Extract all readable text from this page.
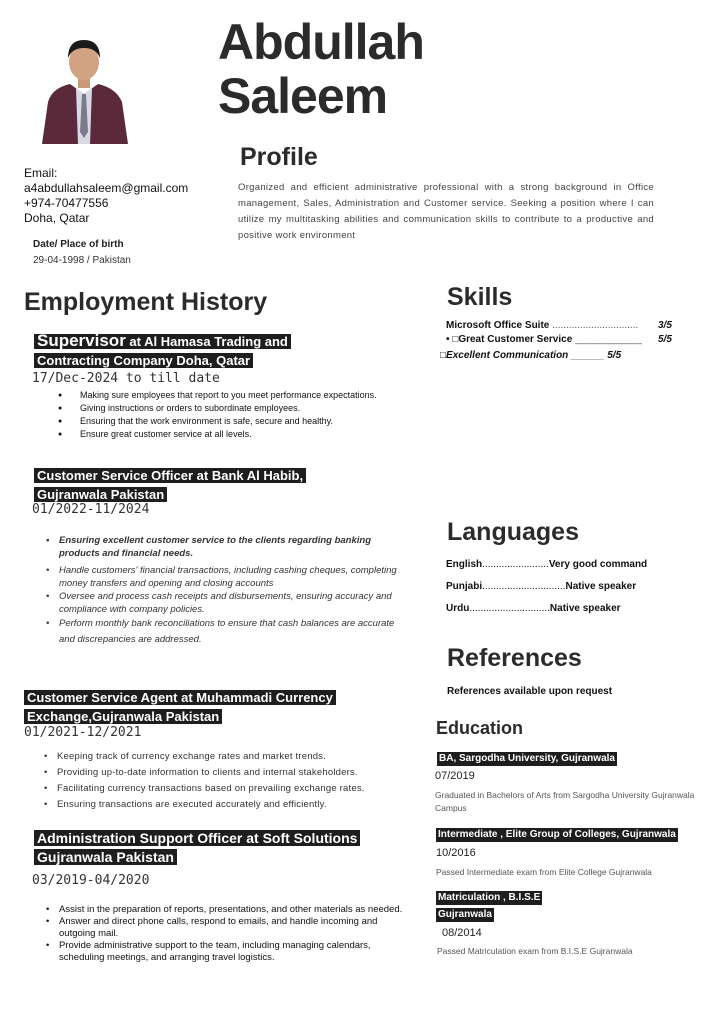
Abdullah
Saleem
Email:
a4abdullahsaleem@gmail.com
+974-70477556
Doha, Qatar
Date/ Place of birth
29-04-1998 / Pakistan
Profile
Organized and efficient administrative professional with a strong background in Office management, Sales, Administration and Customer service. Seeking a position where I can utilize my multitasking abilities and communication skills to contribute to a productive and positive work environment
Employment History
Supervisor at Al Hamasa Trading and Contracting Company Doha, Qatar
17/Dec-2024 to till date
● Making sure employees that report to you meet performance expectations.
● Giving instructions or orders to subordinate employees.
● Ensuring that the work environment is safe, secure and healthy.
● Ensure great customer service at all levels.
Customer Service Officer at Bank Al Habib, Gujranwala Pakistan
01/2022-11/2024
• Ensuring excellent customer service to the clients regarding banking products and financial needs.
• Handle customers' financial transactions, including cashing cheques, completing money transfers and opening and closing accounts
• Oversee and process cash receipts and disbursements, ensuring accuracy and compliance with company policies.
• Perform monthly bank reconciliations to ensure that cash balances are accurate and discrepancies are addressed.
Customer Service Agent at Muhammadi Currency Exchange,Gujranwala Pakistan
01/2021-12/2021
• Keeping track of currency exchange rates and market trends.
• Providing up-to-date information to clients and internal stakeholders.
• Facilitating currency transactions based on prevailing exchange rates.
• Ensuring transactions are executed accurately and efficiently.
Administration Support Officer at Soft Solutions Gujranwala Pakistan
03/2019-04/2020
• Assist in the preparation of reports, presentations, and other materials as needed.
• Answer and direct phone calls, respond to emails, and handle incoming and outgoing mail.
• Provide administrative support to the team, including managing calendars, scheduling meetings, and arranging travel logistics.
Skills
Microsoft Office Suite ............................... 3/5
• □Great Customer Service ____________ 5/5
□Excellent Communication ______ 5/5
Languages
English........................Very good command
Punjabi..............................Native speaker
Urdu.............................Native speaker
References
References available upon request
Education
BA, Sargodha University, Gujranwala
07/2019
Graduated in Bachelors of Arts from Sargodha University Gujranwala Campus
Intermediate , Elite Group of Colleges, Gujranwala
10/2016
Passed Intermediate exam from Elite College Gujranwala
Matriculation , B.I.S.E
Gujranwala
08/2014
Passed Matriculation exam from B.I.S.E Gujranwala
